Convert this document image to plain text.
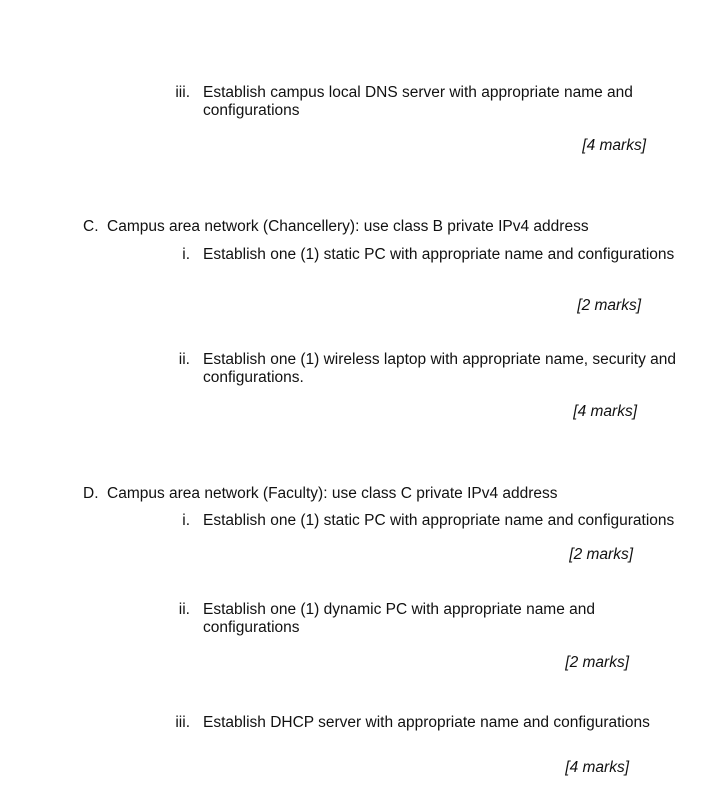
iii. Establish campus local DNS server with appropriate name and
configurations
[4 marks]
C. Campus area network (Chancellery): use class B private IPv4 address
i. Establish one (1) static PC with appropriate name and configurations
[2 marks]
ii. Establish one (1) wireless laptop with appropriate name, security and
configurations.
[4 marks]
D. Campus area network (Faculty): use class C private IPv4 address
i. Establish one (1) static PC with appropriate name and configurations
[2 marks]
ii. Establish one (1) dynamic PC with appropriate name and
configurations
[2 marks]
iii. Establish DHCP server with appropriate name and configurations
[4 marks]
